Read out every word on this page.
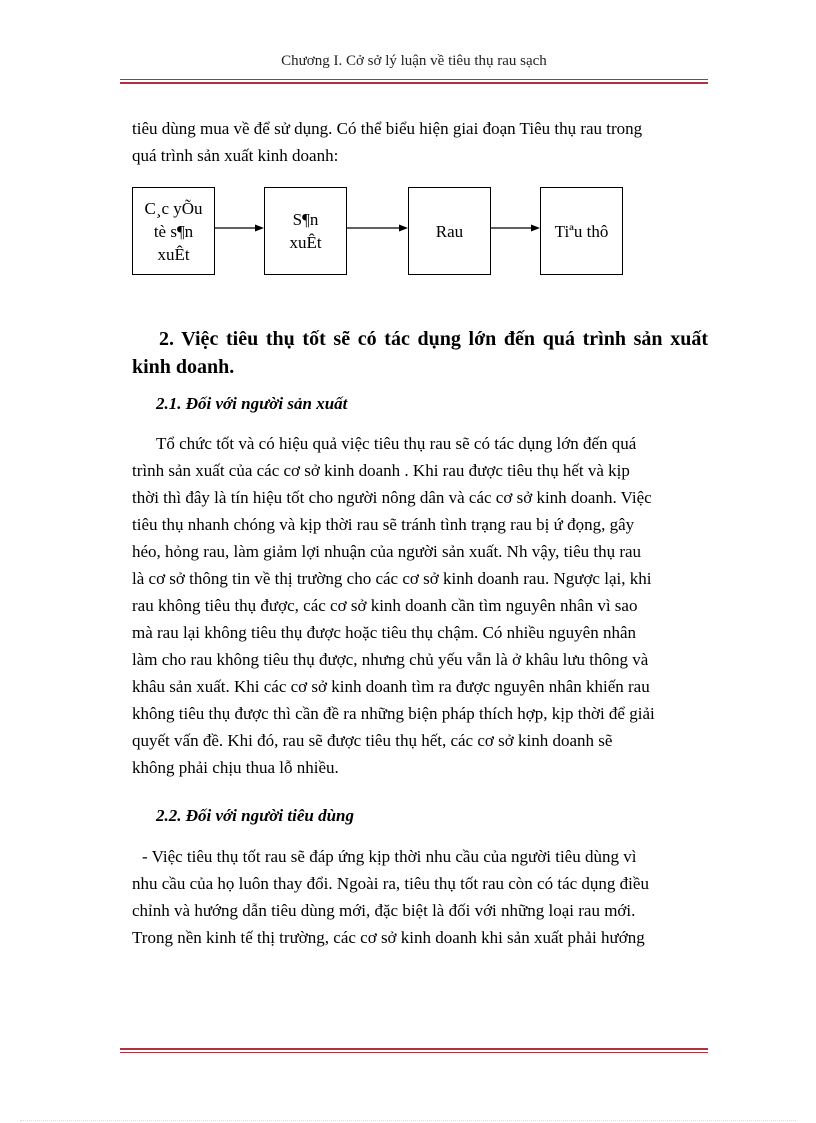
Chương I. Cở sở lý luận về tiêu thụ rau sạch
tiêu dùng mua về để sử dụng. Có thể biểu hiện giai đoạn Tiêu thụ rau trong
quá trình sản xuất kinh doanh:
C¸c yÕu
tè s¶n
xuÊt
S¶n
xuÊt
Rau	Tiªu thô
2. Việc tiêu thụ tốt sẽ có tác dụng lớn đến quá trình sản xuất kinh doanh.
2.1. Đối với người sản xuất
Tổ chức tốt và có hiệu quả việc tiêu thụ rau sẽ có tác dụng lớn đến quá
trình sản xuất của các cơ sở kinh doanh . Khi rau được tiêu thụ hết và kịp
thời thì đây là tín hiệu tốt cho người nông dân và các cơ sở kinh doanh. Việc
tiêu thụ nhanh chóng và kịp thời rau sẽ tránh tình trạng rau bị ứ đọng, gây
héo, hỏng rau, làm giảm lợi nhuận của người sản xuất. Nh vậy, tiêu thụ rau
là cơ sở thông tin về thị trường cho các cơ sở kinh doanh rau. Ngược lại, khi
rau không tiêu thụ được, các cơ sở kinh doanh cần tìm nguyên nhân vì sao
mà rau lại không tiêu thụ được hoặc tiêu thụ chậm. Có nhiều nguyên nhân
làm cho rau không tiêu thụ được, nhưng chủ yếu vẫn là ở khâu lưu thông và
khâu sản xuất. Khi các cơ sở kinh doanh tìm ra được nguyên nhân khiến rau
không tiêu thụ được thì cần đề ra những biện pháp thích hợp, kịp thời để giải
quyết vấn đề. Khi đó, rau sẽ được tiêu thụ hết, các cơ sở kinh doanh sẽ
không phải chịu thua lỗ nhiều.
2.2. Đối với người tiêu dùng
- Việc tiêu thụ tốt rau sẽ đáp ứng kịp thời nhu cầu của người tiêu dùng vì
nhu cầu của họ luôn thay đổi. Ngoài ra, tiêu thụ tốt rau còn có tác dụng điều
chỉnh và hướng dẫn tiêu dùng mới, đặc biệt là đối với những loại rau mới.
Trong nền kinh tế thị trường, các cơ sở kinh doanh khi sản xuất phải hướng
